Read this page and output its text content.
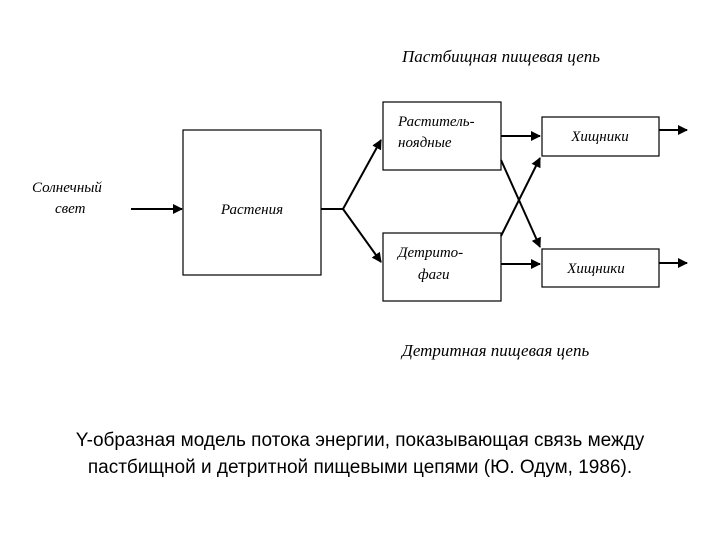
Пастбищная пищевая цепь
Детритная пищевая цепь
Солнечный
свет	Растения
Раститель-
ноядные
Детрито-
фаги
Хищники
Хищники
Y-образная модель потока энергии, показывающая связь между пастбищной и детритной пищевыми цепями (Ю. Одум, 1986).
